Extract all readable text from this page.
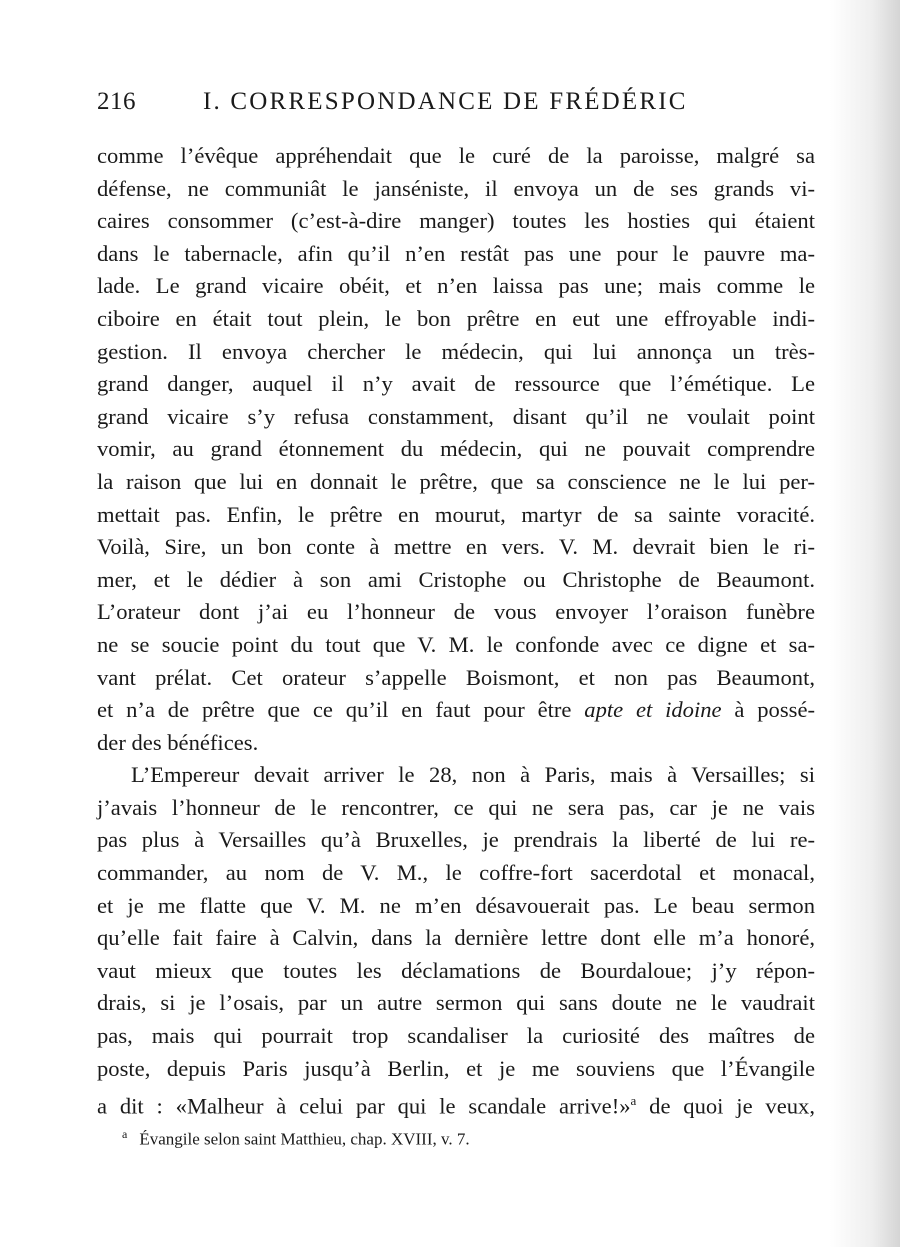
216	I. CORRESPONDANCE DE FRÉDÉRIC
comme l’évêque appréhendait que le curé de la paroisse, malgré sa
défense, ne communiât le janséniste, il envoya un de ses grands vi-
caires consommer (c’est-à-dire manger) toutes les hosties qui étaient
dans le tabernacle, afin qu’il n’en restât pas une pour le pauvre ma-
lade. Le grand vicaire obéit, et n’en laissa pas une; mais comme le
ciboire en était tout plein, le bon prêtre en eut une effroyable indi-
gestion. Il envoya chercher le médecin, qui lui annonça un très-
grand danger, auquel il n’y avait de ressource que l’émétique. Le
grand vicaire s’y refusa constamment, disant qu’il ne voulait point
vomir, au grand étonnement du médecin, qui ne pouvait comprendre
la raison que lui en donnait le prêtre, que sa conscience ne le lui per-
mettait pas. Enfin, le prêtre en mourut, martyr de sa sainte voracité.
Voilà, Sire, un bon conte à mettre en vers. V. M. devrait bien le ri-
mer, et le dédier à son ami Cristophe ou Christophe de Beaumont.
L’orateur dont j’ai eu l’honneur de vous envoyer l’oraison funèbre
ne se soucie point du tout que V. M. le confonde avec ce digne et sa-
vant prélat. Cet orateur s’appelle Boismont, et non pas Beaumont,
et n’a de prêtre que ce qu’il en faut pour être apte et idoine à possé-
der des bénéfices.
L’Empereur devait arriver le 28, non à Paris, mais à Versailles; si
j’avais l’honneur de le rencontrer, ce qui ne sera pas, car je ne vais
pas plus à Versailles qu’à Bruxelles, je prendrais la liberté de lui re-
commander, au nom de V. M., le coffre-fort sacerdotal et monacal,
et je me flatte que V. M. ne m’en désavouerait pas. Le beau sermon
qu’elle fait faire à Calvin, dans la dernière lettre dont elle m’a honoré,
vaut mieux que toutes les déclamations de Bourdaloue; j’y répon-
drais, si je l’osais, par un autre sermon qui sans doute ne le vaudrait
pas, mais qui pourrait trop scandaliser la curiosité des maîtres de
poste, depuis Paris jusqu’à Berlin, et je me souviens que l’Évangile
a dit : «Malheur à celui par qui le scandale arrive!»$^a$ de quoi je veux,
$^a$ Évangile selon saint Matthieu, chap. XVIII, v. 7.
